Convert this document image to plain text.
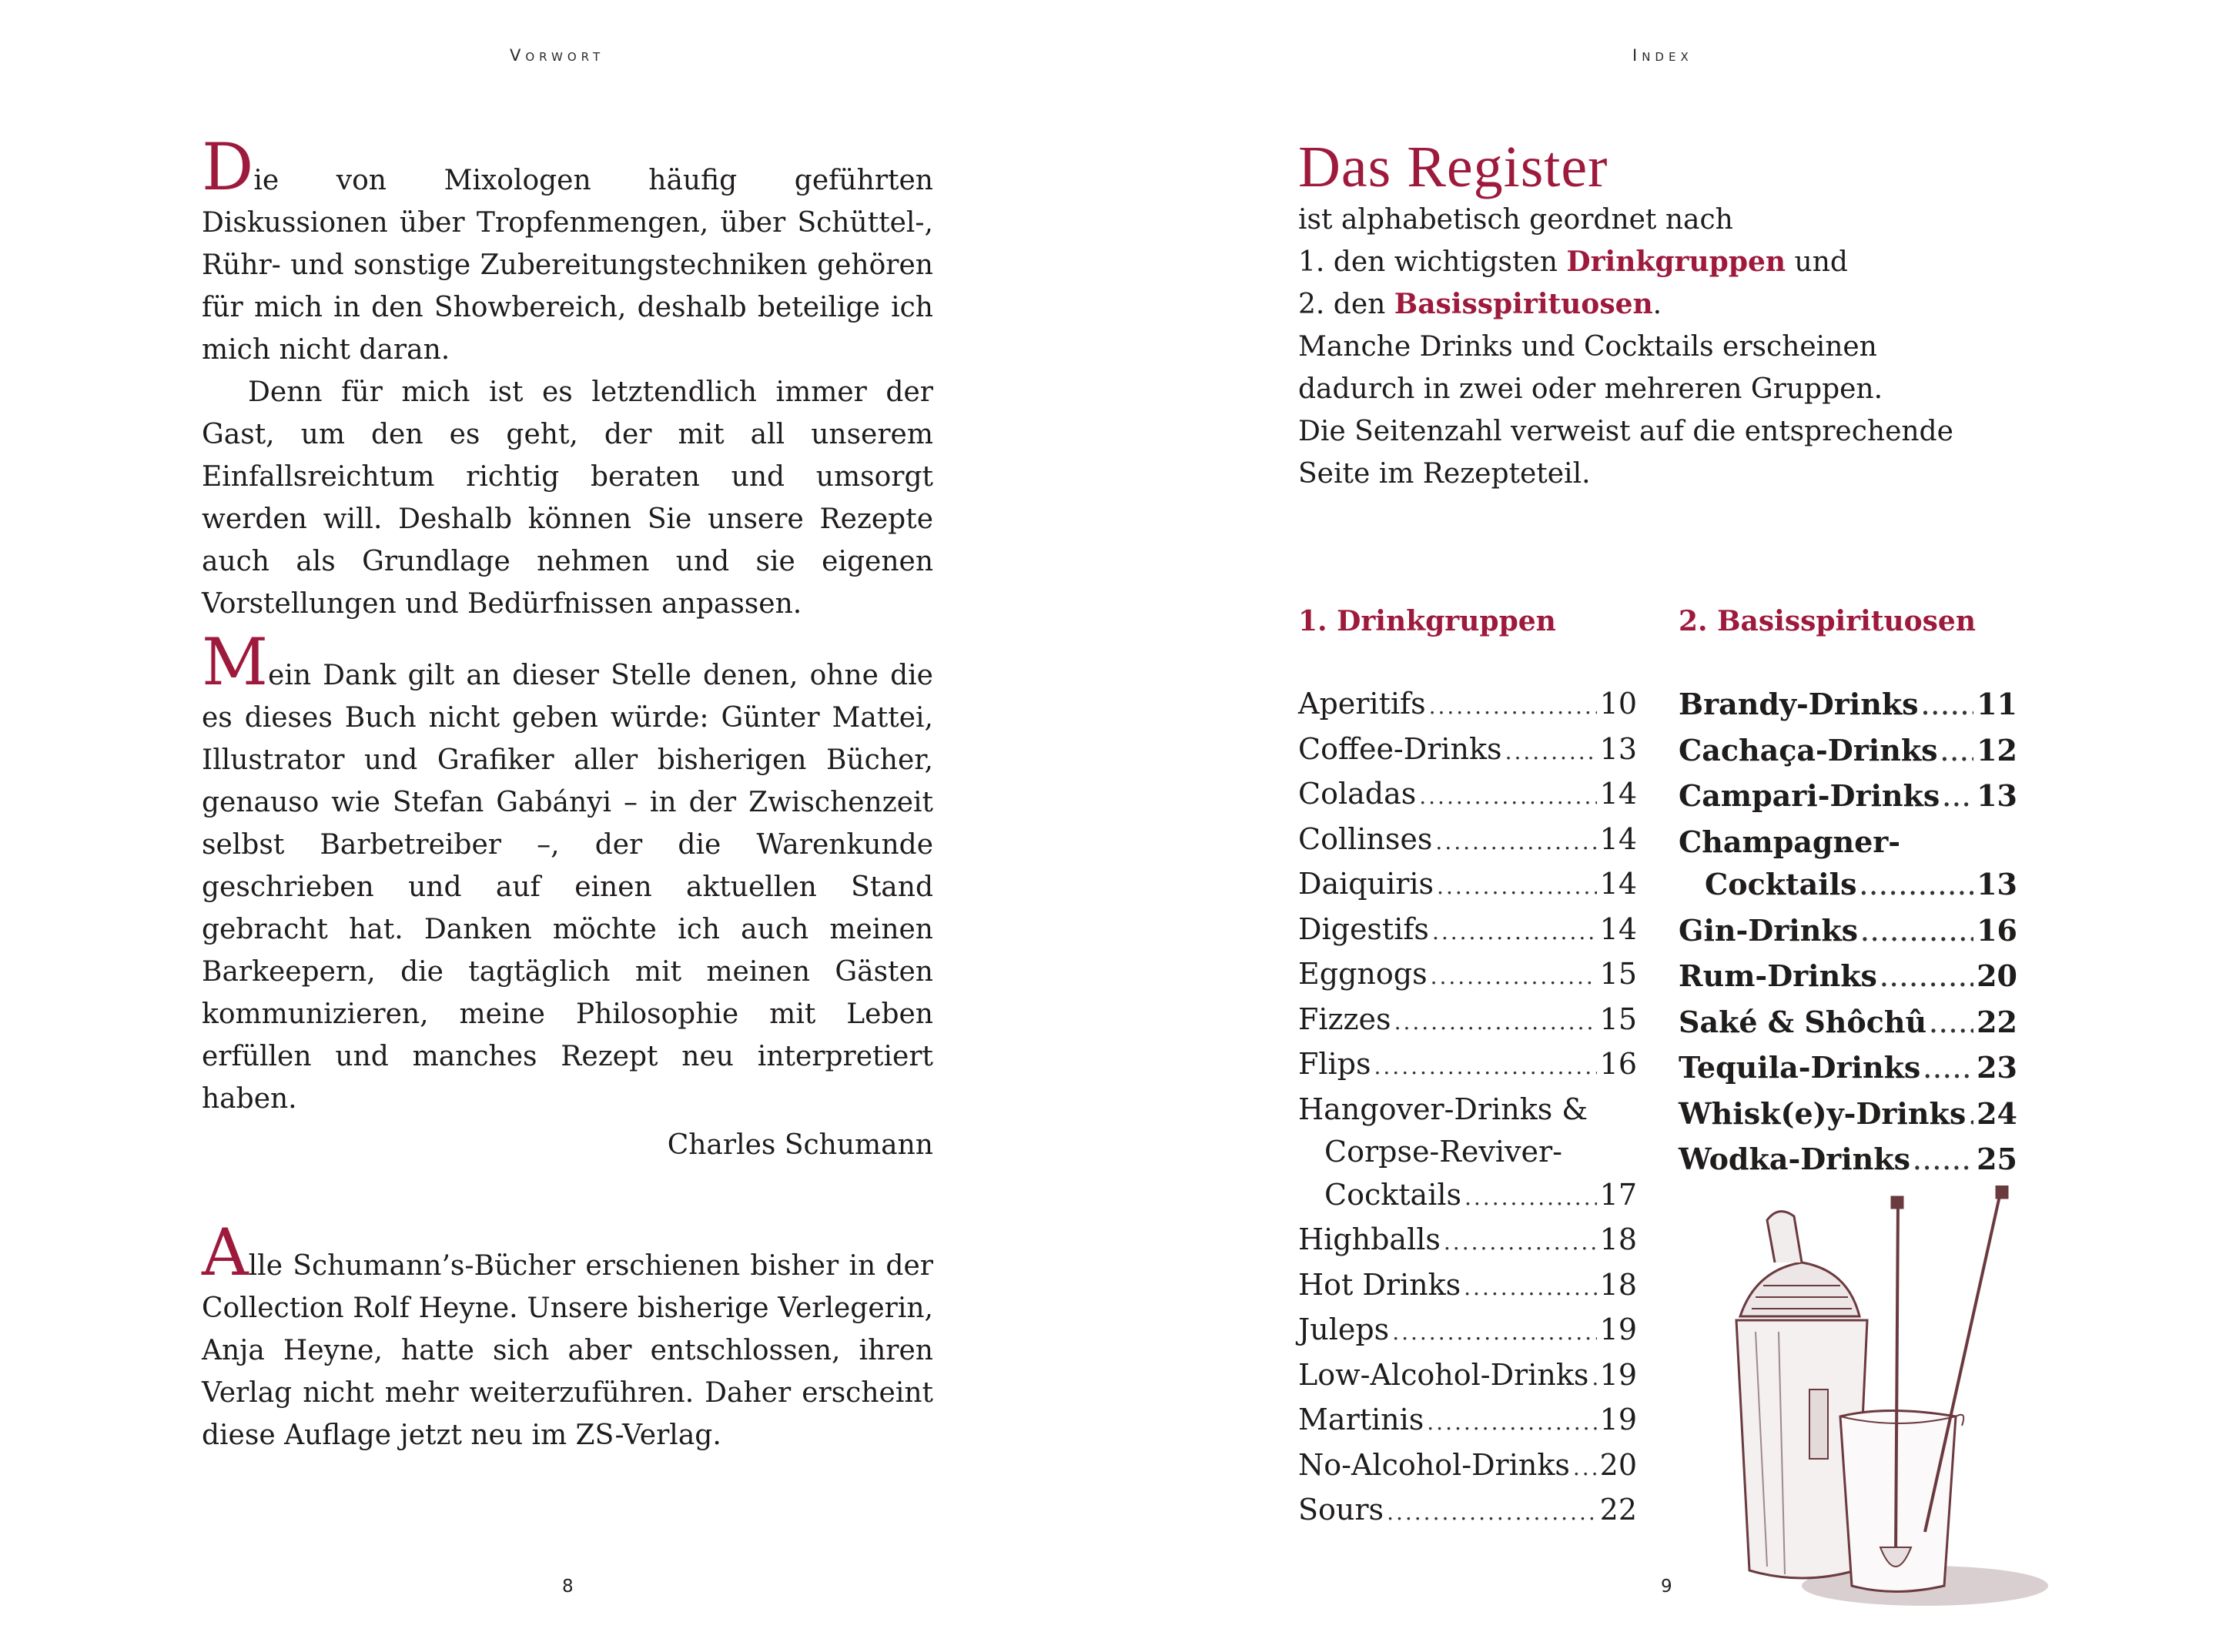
Vorwort

Die von Mixologen häufig geführten Diskussionen über Tropfenmengen, über Schüttel-, Rühr- und sonstige Zubereitungstechniken gehören für mich in den Showbereich, deshalb beteilige ich mich nicht daran.

Denn für mich ist es letztendlich immer der Gast, um den es geht, der mit all unserem Einfallsreichtum richtig beraten und umsorgt werden will. Deshalb können Sie unsere Rezepte auch als Grundlage nehmen und sie eigenen Vorstellungen und Bedürfnissen anpassen.

Mein Dank gilt an dieser Stelle denen, ohne die es dieses Buch nicht geben würde: Günter Mattei, Illustrator und Grafiker aller bisherigen Bücher, genauso wie Stefan Gabányi – in der Zwischenzeit selbst Barbetreiber –, der die Warenkunde geschrieben und auf einen aktuellen Stand gebracht hat. Danken möchte ich auch meinen Barkeepern, die tagtäglich mit meinen Gästen kommunizieren, meine Philosophie mit Leben erfüllen und manches Rezept neu interpretiert haben.

Charles Schumann

Alle Schumann’s-Bücher erschienen bisher in der Collection Rolf Heyne. Unsere bisherige Verlegerin, Anja Heyne, hatte sich aber entschlossen, ihren Verlag nicht mehr weiterzuführen. Daher erscheint diese Auflage jetzt neu im ZS-Verlag.

8
Index
Das Register
ist alphabetisch geordnet nach
1. den wichtigsten Drinkgruppen und
2. den Basisspirituosen.
Manche Drinks und Cocktails erscheinen
dadurch in zwei oder mehreren Gruppen.
Die Seitenzahl verweist auf die entsprechende
Seite im Rezepteteil.
1. Drinkgruppen	2. Basisspirituosen
Aperitifs .....	10
Coffee-Drinks .....	13
Coladas .....	14
Collinses .....	14
Daiquiris .....	14
Digestifs .....	14
Eggnogs .....	15
Fizzes .....	15
Flips .....	16
Hangover-Drinks &
Corpse-Reviver-
Cocktails .....	17
Highballs .....	18
Hot Drinks .....	18
Juleps .....	19
Low-Alcohol-Drinks ..... 19
Martinis .....	19
No-Alcohol-Drinks ..... 20
Sours .....	22
Brandy-Drinks ..... 11
Cachaça-Drinks ..... 12
Campari-Drinks ..... 13
Champagner-
Cocktails .....	13
Gin-Drinks .....	16
Rum-Drinks .....	20
Saké & Shôchû ..... 22
Tequila-Drinks ..... 23
Whisk(e)y-Drinks ..... 24
Wodka-Drinks ..... 25
9
